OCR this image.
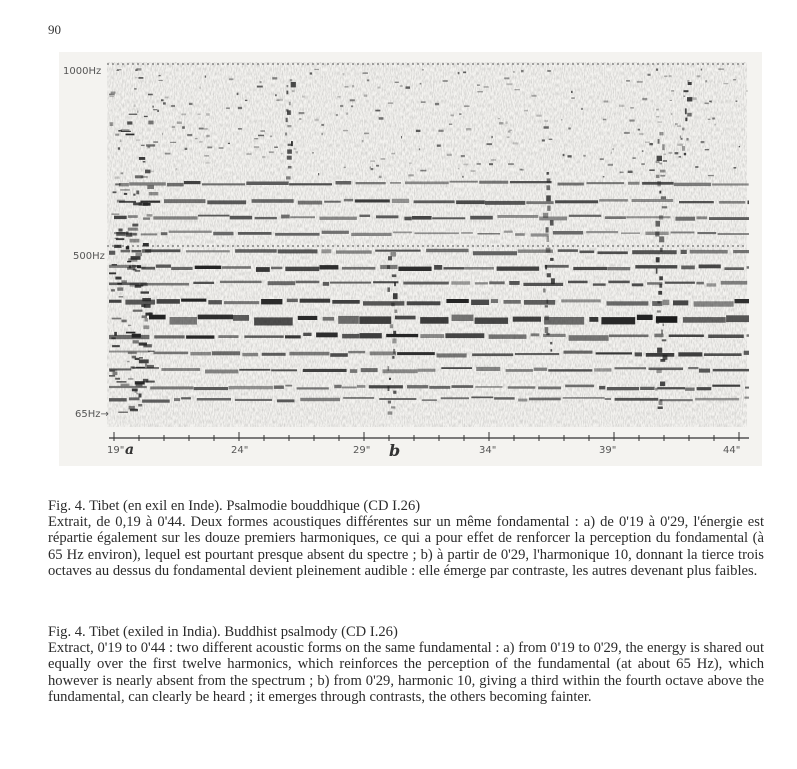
90
1000Hz
500Hz
65Hz→
19"	24"	29"	34"	39"	44"
a	b

Fig. 4. Tibet (en exil en Inde). Psalmodie bouddhique (CD I.26)

Extrait, de 0,19 à 0'44. Deux formes acoustiques différentes sur un même fondamental : a) de 0'19 à 0'29, l'énergie est répartie également sur les douze premiers harmoniques, ce qui a pour effet de renforcer la perception du fondamental (à 65 Hz environ), lequel est pourtant presque absent du spectre ; b) à partir de 0'29, l'harmonique 10, donnant la tierce trois octaves au dessus du fondamental devient pleinement audible : elle émerge par contraste, les autres devenant plus faibles.

Fig. 4. Tibet (exiled in India). Buddhist psalmody (CD I.26)

Extract, 0'19 to 0'44 : two different acoustic forms on the same fundamental : a) from 0'19 to 0'29, the energy is shared out equally over the first twelve harmonics, which reinforces the perception of the fundamental (at about 65 Hz), which however is nearly absent from the spectrum ; b) from 0'29, harmonic 10, giving a third within the fourth octave above the fundamental, can clearly be heard ; it emerges through contrasts, the others becoming fainter.
